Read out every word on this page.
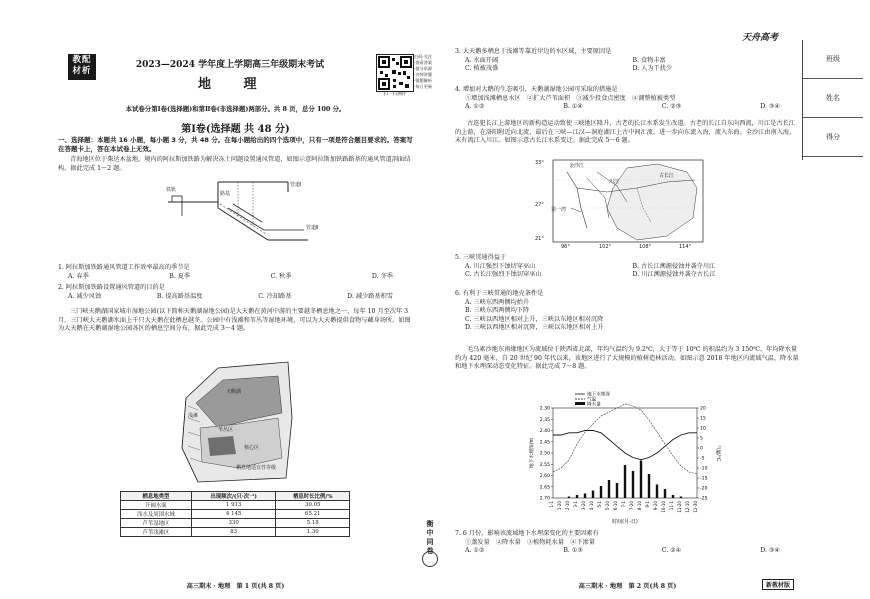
教配材析
2023—2024 学年度上学期高三年级期末考试
地 理
扫一扫测评
扫码·关注
·查看答案
·提分资源
·名师讲题
·错题解析
·每日更新
本试卷分第Ⅰ卷(选择题)和第Ⅱ卷(非选择题)两部分。共 8 页，总分 100 分。
第Ⅰ卷(选择题 共 48 分)
一、选择题：本题共 16 小题，每小题 3 分，共 48 分。在每小题给出的四个选项中，只有一项是符合题目要求的。答案写在答题卡上，答在本试卷上无效。
青海地区位于柴达木盆地，境内的阿拉斯加铁路为解决冻土问题设置通风管道，如图示意阿拉斯加铁路路基的通风管道剖面结构。据此完成 1～2 题。
铁轨
路基
管道Ⅰ
管道Ⅱ
1. 阿拉斯加铁路通风管道工作效率最高的季节是
A. 春季	B. 夏季	C. 秋季	D. 冬季
2. 阿拉斯加铁路设置通风管道的目的是
A. 减少风蚀	B. 提高路基温度	C. 冷却路基	D. 减少路基积雪
三门峡天鹅湖国家城市湿地公园(以下简称天鹅湖湿地公园)是大天鹅在黄河中游的主要越冬栖息地之一，每年 10 月至次年 3 月，三门峡大天鹅湖水面上千只大天鹅在此栖息越冬。公园中有浅滩和苇丛等湿地环境，可以为大天鹅提供食物与藏身场所。如图为大天鹅在天鹅湖湿地公园各区的栖息空间分布，据此完成 3～4 题。
天鹅湖
苇丛区
浅滩
核心区
栖息地适宜性等级
栖息地类型	出现频次/(只·次⁻¹)	栖息时长比例/%
开阔水面	1 913	30.05
浅水及周围水域	4 145	65.21
芦苇湿地区	330	5.18
芦苇浅滩区	83	1.30
高三期末 · 地理　第 1 页(共 8 页)
衡
中
同
卷
3. 大天鹅多栖息于浅滩等靠近岸边的水区域，主要原因是
A. 水面开阔	B. 食物丰富
C. 植被茂盛	D. 人为干扰少
4. 增加对大鹅的生态吸引，天鹅湖湿地公园可采取的措施是
①增加浅滩栖息水区　②扩大芦苇面积　③减少投食点密度　④调整植被类型
A. ①②	B. ①④	C. ②③	D. ③④
古连犯长江上游地区的新构造运动致使三峡地区隆升，古老的长江水系发生改道。古老的长江自东向西流，川江是古长江的上游，在洛阳附近向北流，最后在三峡—江汉—洞庭湖江上古中间汇流，进一步向东流入海，流入东海。全沙江由南入海，末有流江入川江。如图示意古长江水系变迁。据此完成 5～6 题。
金沙江
川江
古长江
第一湾
33°
27°
21°
96°	102°	108°	114°
5. 三峡贯通得益于
A. 川江强烈下蚀切穿巫山	B. 古长江溯源侵蚀并袭夺川江
C. 古长江强烈下蚀切穿巫山	D. 川江溯源侵蚀并袭夺古长江
6. 有利于三峡贯通的地壳条件是
A. 三峡东西两侧均抬升
B. 三峡东西两侧均下降
C. 三峡以西地区相对上升，三峡以东地区相对沉降
D. 三峡以西地区相对沉降，三峡以东地区相对上升
毛乌素沙地东南缘地区为流域位于陕西省北部，年均气温约为 9.2℃，大于等于 10℃ 的积温约为 3 150℃，年均降水量约为 420 毫米，自 20 世纪 90 年代以来，该地区进行了大规模的植树造林活动。如图示意 2018 年地区内流域气温、降水量和地下水埋深动态变化特征。据此完成 7～8 题。
2.30
2.35
2.40
2.45
2.50
2.55
2.60
2.65
2.70
20
15
10
5
0
-5
-10
-15
-20
-25
1-1 1-20 2-10 3-1 3-20 4-10 5-1 5-20 6-10 7-1 7-20 8-10 9-1 9-20 10-10 11-1 11-20 12-10 12-30
时间(月-日)
地下水埋深/m	气温/℃
地下水埋深
气温
降水量
7. 6 月份，影响该流域地下水埋深变化的主要因素有
①蒸发量　②降水量　③植物耗水量　④下渗量
A. ①②	B. ①③	C. ②④	D. ③④
高三期末 · 地理　第 2 页(共 8 页)	新教材版
天舟高考
班级
姓名
得分
